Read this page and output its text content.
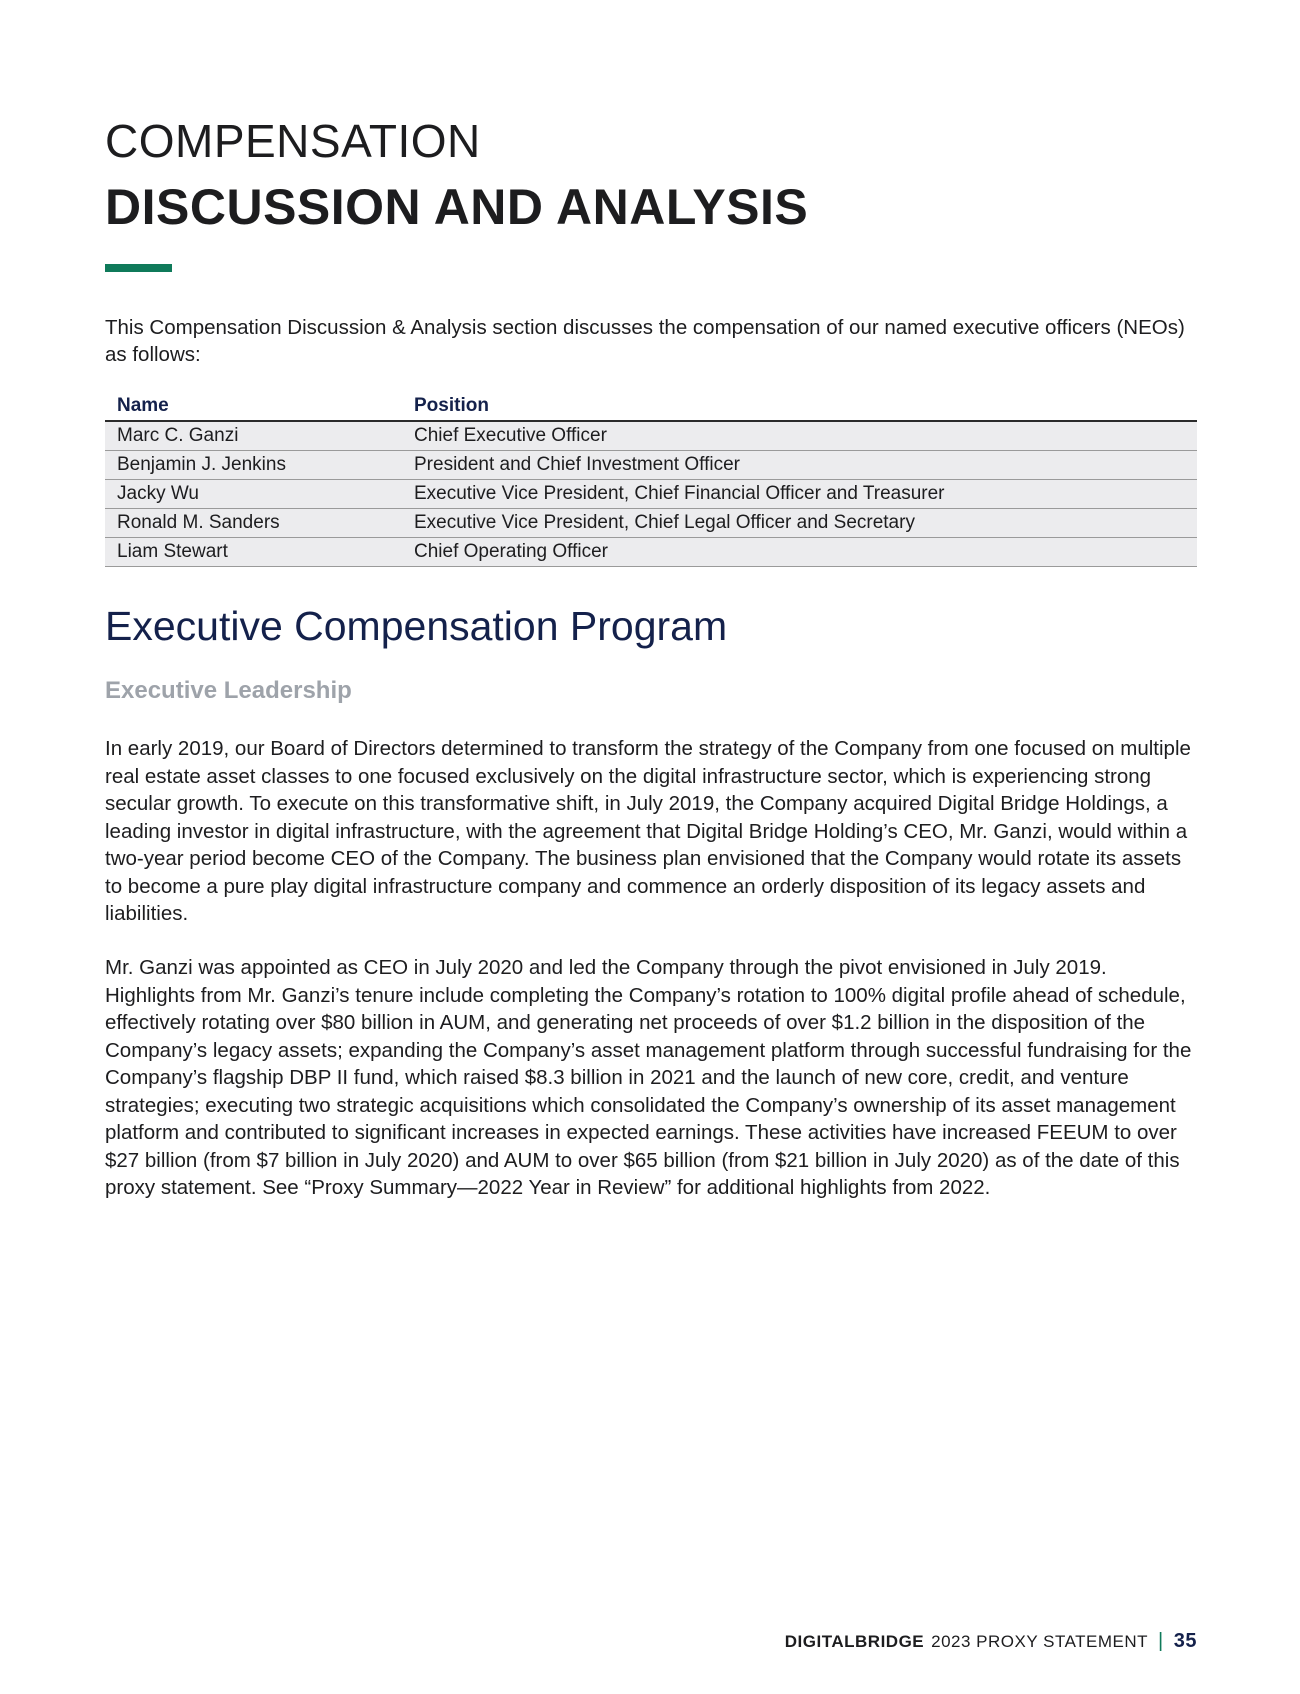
COMPENSATION
DISCUSSION AND ANALYSIS

This Compensation Discussion & Analysis section discusses the compensation of our named executive officers (NEOs) as follows:

Name	Position
Marc C. Ganzi	Chief Executive Officer
Benjamin J. Jenkins	President and Chief Investment Officer
Jacky Wu	Executive Vice President, Chief Financial Officer and Treasurer
Ronald M. Sanders	Executive Vice President, Chief Legal Officer and Secretary
Liam Stewart	Chief Operating Officer
Executive Compensation Program
Executive Leadership

In early 2019, our Board of Directors determined to transform the strategy of the Company from one focused on multiple real estate asset classes to one focused exclusively on the digital infrastructure sector, which is experiencing strong secular growth. To execute on this transformative shift, in July 2019, the Company acquired Digital Bridge Holdings, a leading investor in digital infrastructure, with the agreement that Digital Bridge Holding’s CEO, Mr. Ganzi, would within a two-year period become CEO of the Company. The business plan envisioned that the Company would rotate its assets to become a pure play digital infrastructure company and commence an orderly disposition of its legacy assets and liabilities.

Mr. Ganzi was appointed as CEO in July 2020 and led the Company through the pivot envisioned in July 2019. Highlights from Mr. Ganzi’s tenure include completing the Company’s rotation to 100% digital profile ahead of schedule, effectively rotating over $80 billion in AUM, and generating net proceeds of over $1.2 billion in the disposition of the Company’s legacy assets; expanding the Company’s asset management platform through successful fundraising for the Company’s flagship DBP II fund, which raised $8.3 billion in 2021 and the launch of new core, credit, and venture strategies; executing two strategic acquisitions which consolidated the Company’s ownership of its asset management platform and contributed to significant increases in expected earnings. These activities have increased FEEUM to over $27 billion (from $7 billion in July 2020) and AUM to over $65 billion (from $21 billion in July 2020) as of the date of this proxy statement. See “Proxy Summary—2022 Year in Review” for additional highlights from 2022.

DIGITALBRIDGE 2023 PROXY STATEMENT | 35
